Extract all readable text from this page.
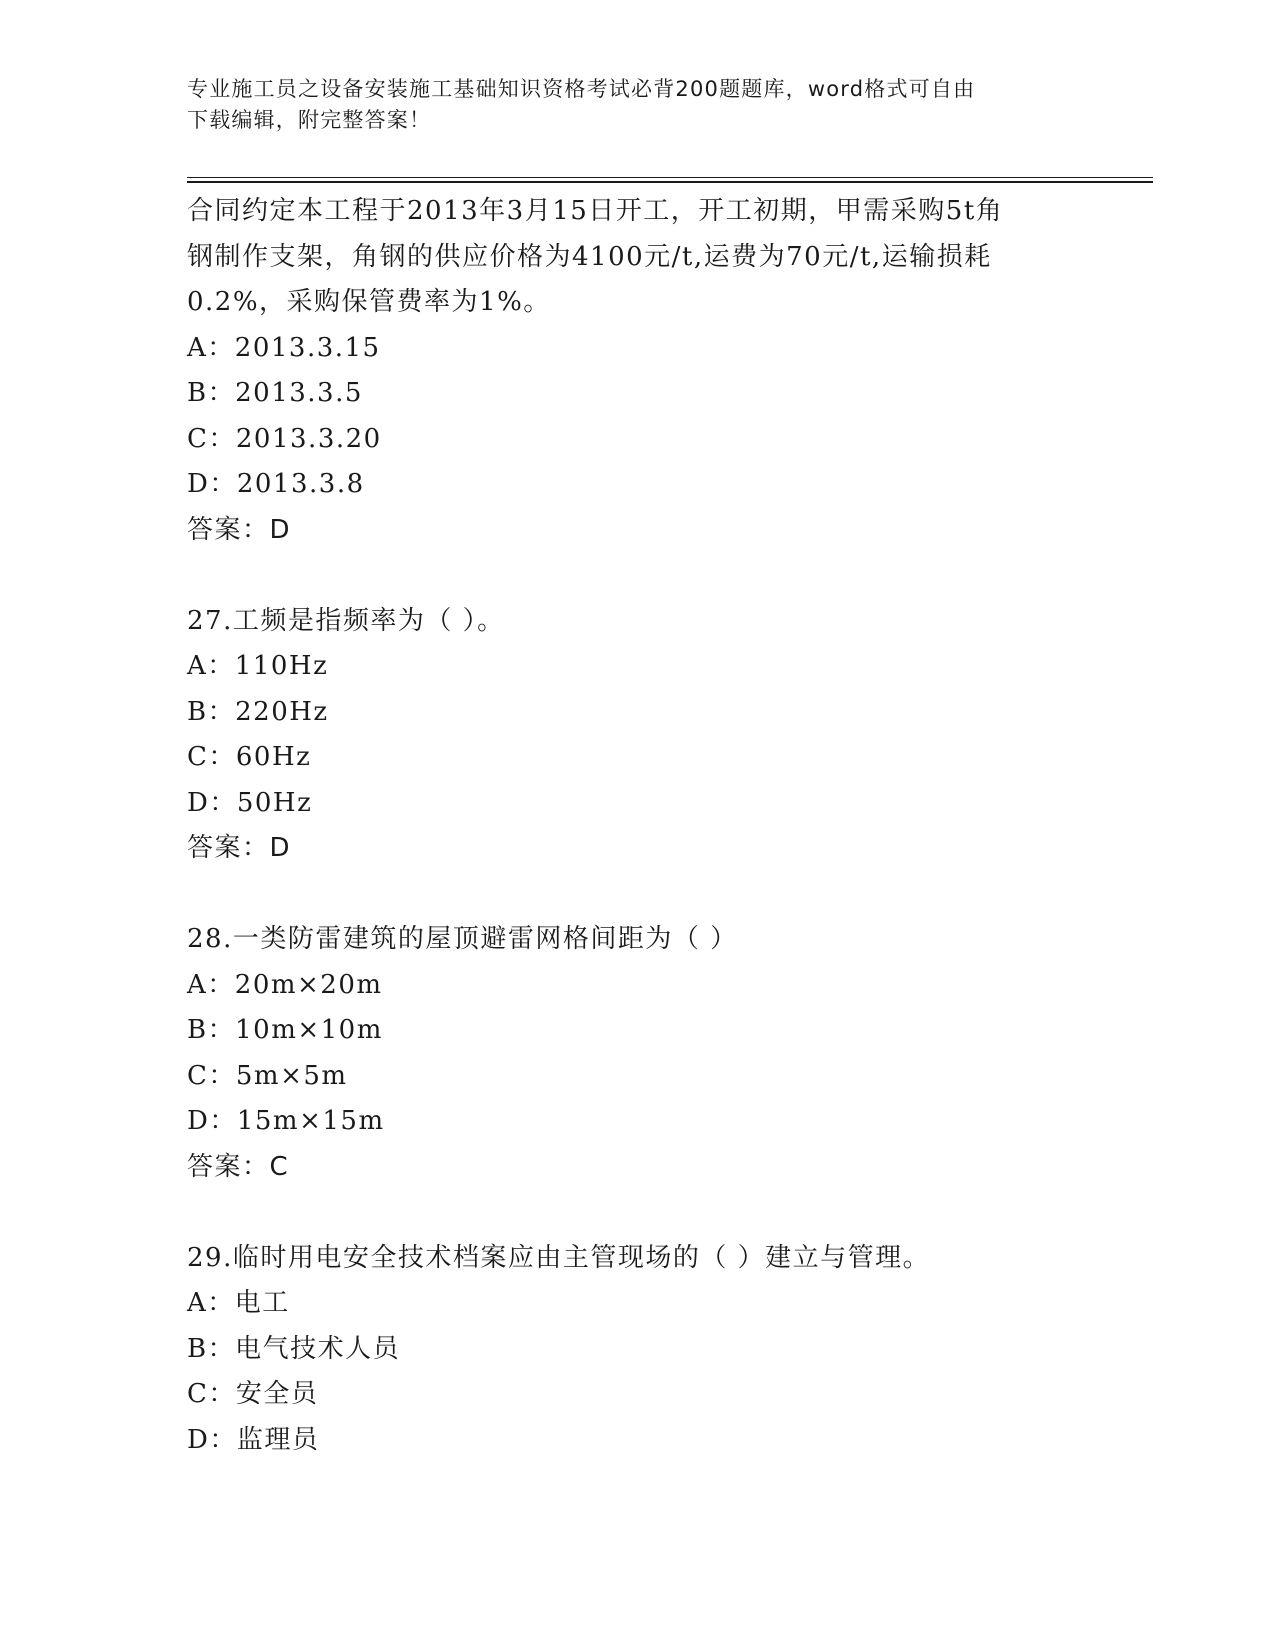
专业施工员之设备安装施工基础知识资格考试必背200题题库，word格式可自由
下载编辑，附完整答案！
合同约定本工程于2013年3月15日开工，开工初期，甲需采购5t角
钢制作支架，角钢的供应价格为4100元/t,运费为70元/t,运输损耗
0.2%，采购保管费率为1%。
A：2013.3.15
B：2013.3.5
C：2013.3.20
D：2013.3.8
答案：D
27.工频是指频率为（ ）。
A：110Hz
B：220Hz
C：60Hz
D：50Hz
答案：D
28.一类防雷建筑的屋顶避雷网格间距为（ ）
A：20m×20m
B：10m×10m
C：5m×5m
D：15m×15m
答案：C
29.临时用电安全技术档案应由主管现场的（ ）建立与管理。
A：电工
B：电气技术人员
C：安全员
D：监理员
